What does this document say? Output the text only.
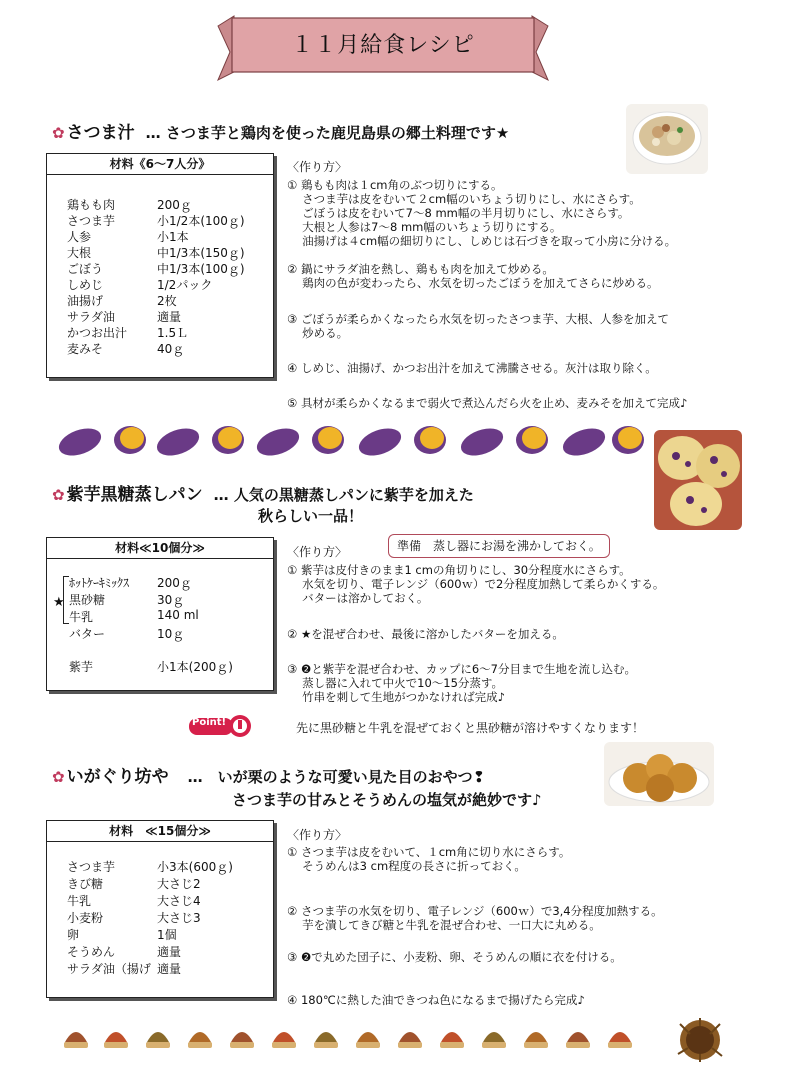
１１月給食レシピ
✿ さつま汁 … さつま芋と鶏肉を使った鹿児島県の郷土料理です★
材料《6～7人分》
鶏もも肉	200ｇ
さつま芋	小1/2本(100ｇ)
人参	小1本
大根	中1/3本(150ｇ)
ごぼう	中1/3本(100ｇ)
しめじ	1/2パック
油揚げ	2枚
サラダ油	適量
かつお出汁 1.5Ｌ
麦みそ	40ｇ
〈作り方〉
① 鶏もも肉は１cm角のぶつ切りにする。
　 さつま芋は皮をむいて２cm幅のいちょう切りにし、水にさらす。
　 ごぼうは皮をむいて7～8 mm幅の半月切りにし、水にさらす。
　 大根と人参は7～8 mm幅のいちょう切りにする。
　 油揚げは４cm幅の細切りにし、しめじは石づきを取って小房に分ける。
② 鍋にサラダ油を熱し、鶏もも肉を加えて炒める。
　 鶏肉の色が変わったら、水気を切ったごぼうを加えてさらに炒める。
③ ごぼうが柔らかくなったら水気を切ったさつま芋、大根、人参を加えて
　 炒める。
④ しめじ、油揚げ、かつお出汁を加えて沸騰させる。灰汁は取り除く。
⑤ 具材が柔らかくなるまで弱火で煮込んだら火を止め、麦みそを加えて完成♪
✿ 紫芋黒糖蒸しパン … 人気の黒糖蒸しパンに紫芋を加えた
秋らしい一品！
材料≪10個分≫
★
ﾎｯﾄｹｰｷﾐｯｸｽ 200ｇ
黒砂糖	30ｇ
牛乳	140 ml
バター	10ｇ
紫芋	小1本(200ｇ)
〈作り方〉	準備　蒸し器にお湯を沸かしておく。
① 紫芋は皮付きのまま1 cmの角切りにし、30分程度水にさらす。
　 水気を切り、電子レンジ（600ｗ）で2分程度加熱して柔らかくする。
　 バターは溶かしておく。
② ★を混ぜ合わせ、最後に溶かしたバターを加える。
③ ❷と紫芋を混ぜ合わせ、カップに6～7分目まで生地を流し込む。
　 蒸し器に入れて中火で10～15分蒸す。
　 竹串を刺して生地がつかなければ完成♪
Point!	先に黒砂糖と牛乳を混ぜておくと黒砂糖が溶けやすくなります！
✿ いがぐり坊や …　いが栗のような可愛い見た目のおやつ❢
さつま芋の甘みとそうめんの塩気が絶妙です♪
材料　≪15個分≫
さつま芋	小3本(600ｇ)
きび糖	大さじ2
牛乳	大さじ4
小麦粉	大さじ3
卵	1個
そうめん	適量
サラダ油（揚げ 適量
〈作り方〉
① さつま芋は皮をむいて、１cm角に切り水にさらす。
　 そうめんは3 cm程度の長さに折っておく。
② さつま芋の水気を切り、電子レンジ（600ｗ）で3,4分程度加熱する。
　 芋を潰してきび糖と牛乳を混ぜ合わせ、一口大に丸める。
③ ❷で丸めた団子に、小麦粉、卵、そうめんの順に衣を付ける。
④ 180℃に熱した油できつね色になるまで揚げたら完成♪
